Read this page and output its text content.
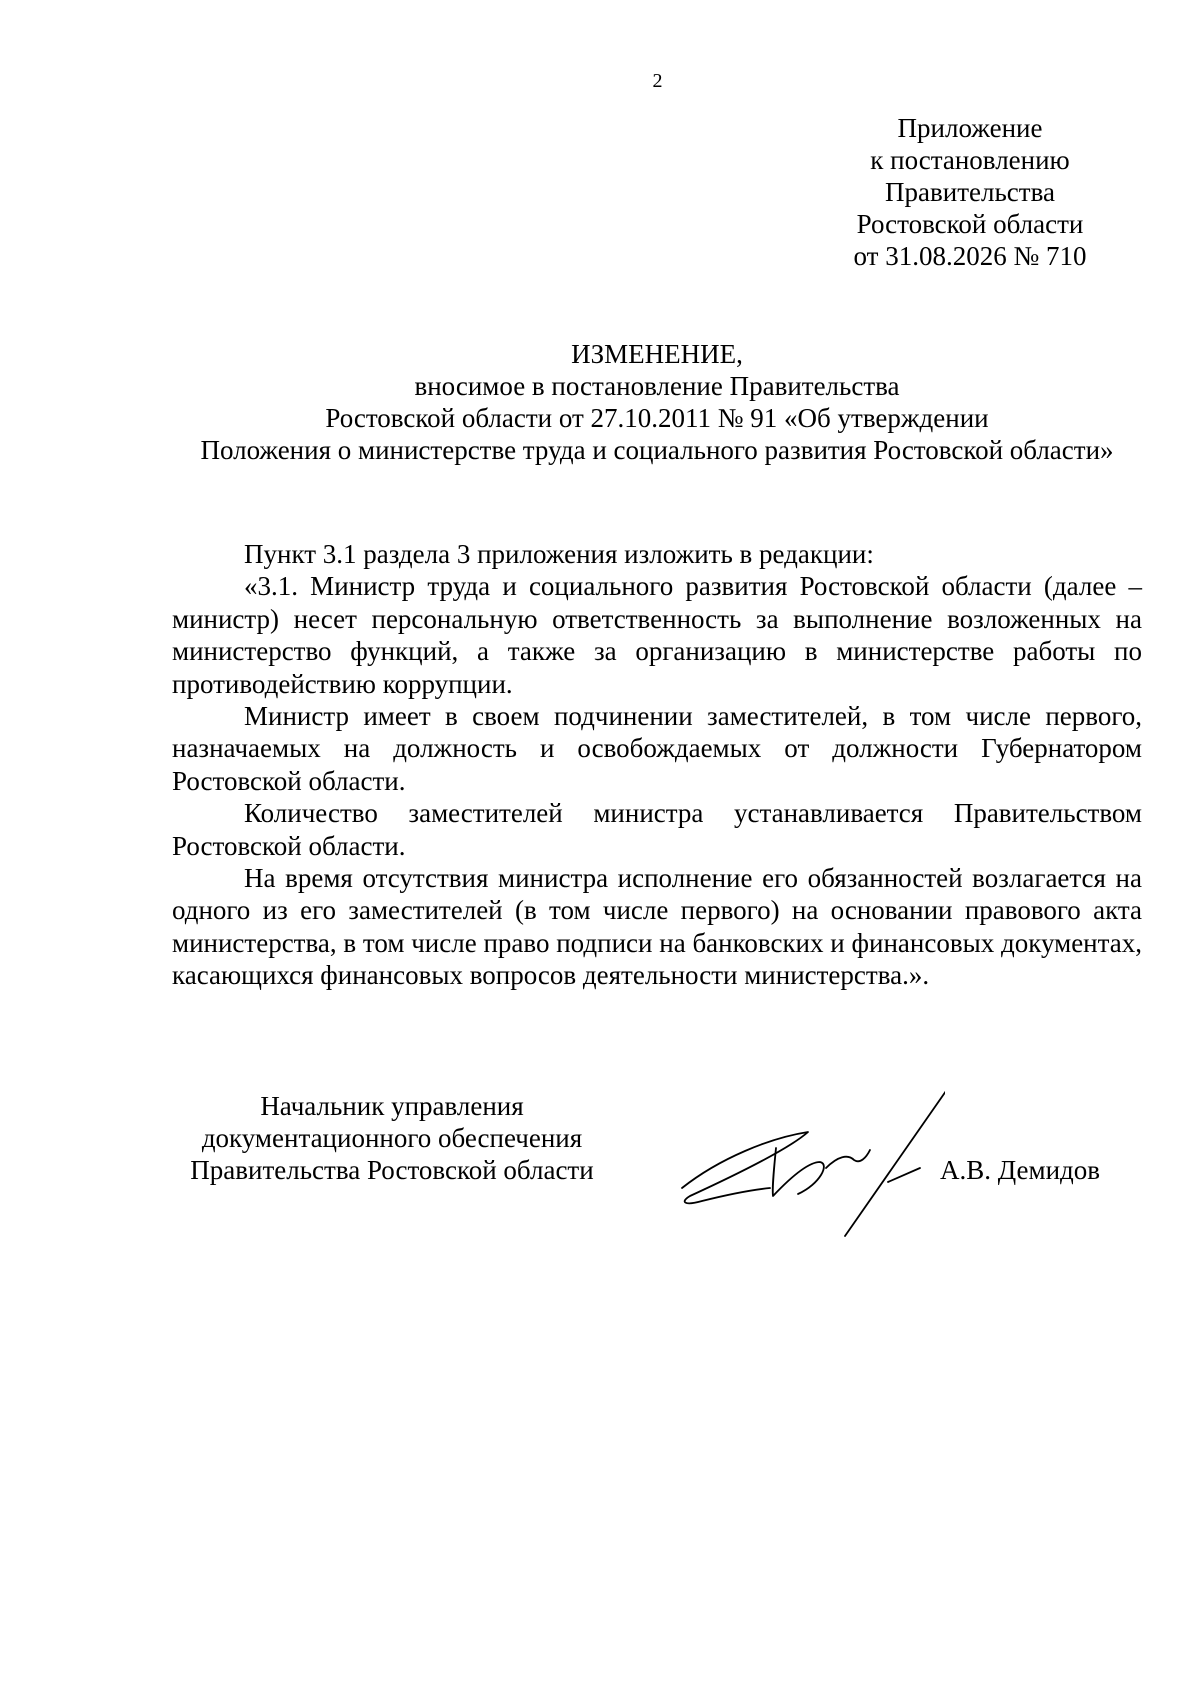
2
Приложение
к постановлению
Правительства
Ростовской области
от 31.08.2026 № 710
ИЗМЕНЕНИЕ,
вносимое в постановление Правительства
Ростовской области от 27.10.2011 № 91 «Об утверждении
Положения о министерстве труда и социального развития Ростовской области»

Пункт 3.1 раздела 3 приложения изложить в редакции:

«3.1. Министр труда и социального развития Ростовской области (далее – министр) несет персональную ответственность за выполнение возложенных на министерство функций, а также за организацию в министерстве работы по противодействию коррупции.

Министр имеет в своем подчинении заместителей, в том числе первого, назначаемых на должность и освобождаемых от должности Губернатором Ростовской области.

Количество заместителей министра устанавливается Правительством Ростовской области.

На время отсутствия министра исполнение его обязанностей возлагается на одного из его заместителей (в том числе первого) на основании правового акта министерства, в том числе право подписи на банковских и финансовых документах, касающихся финансовых вопросов деятельности министерства.».

Начальник управления
документационного обеспечения
Правительства Ростовской области	А.В. Демидов
